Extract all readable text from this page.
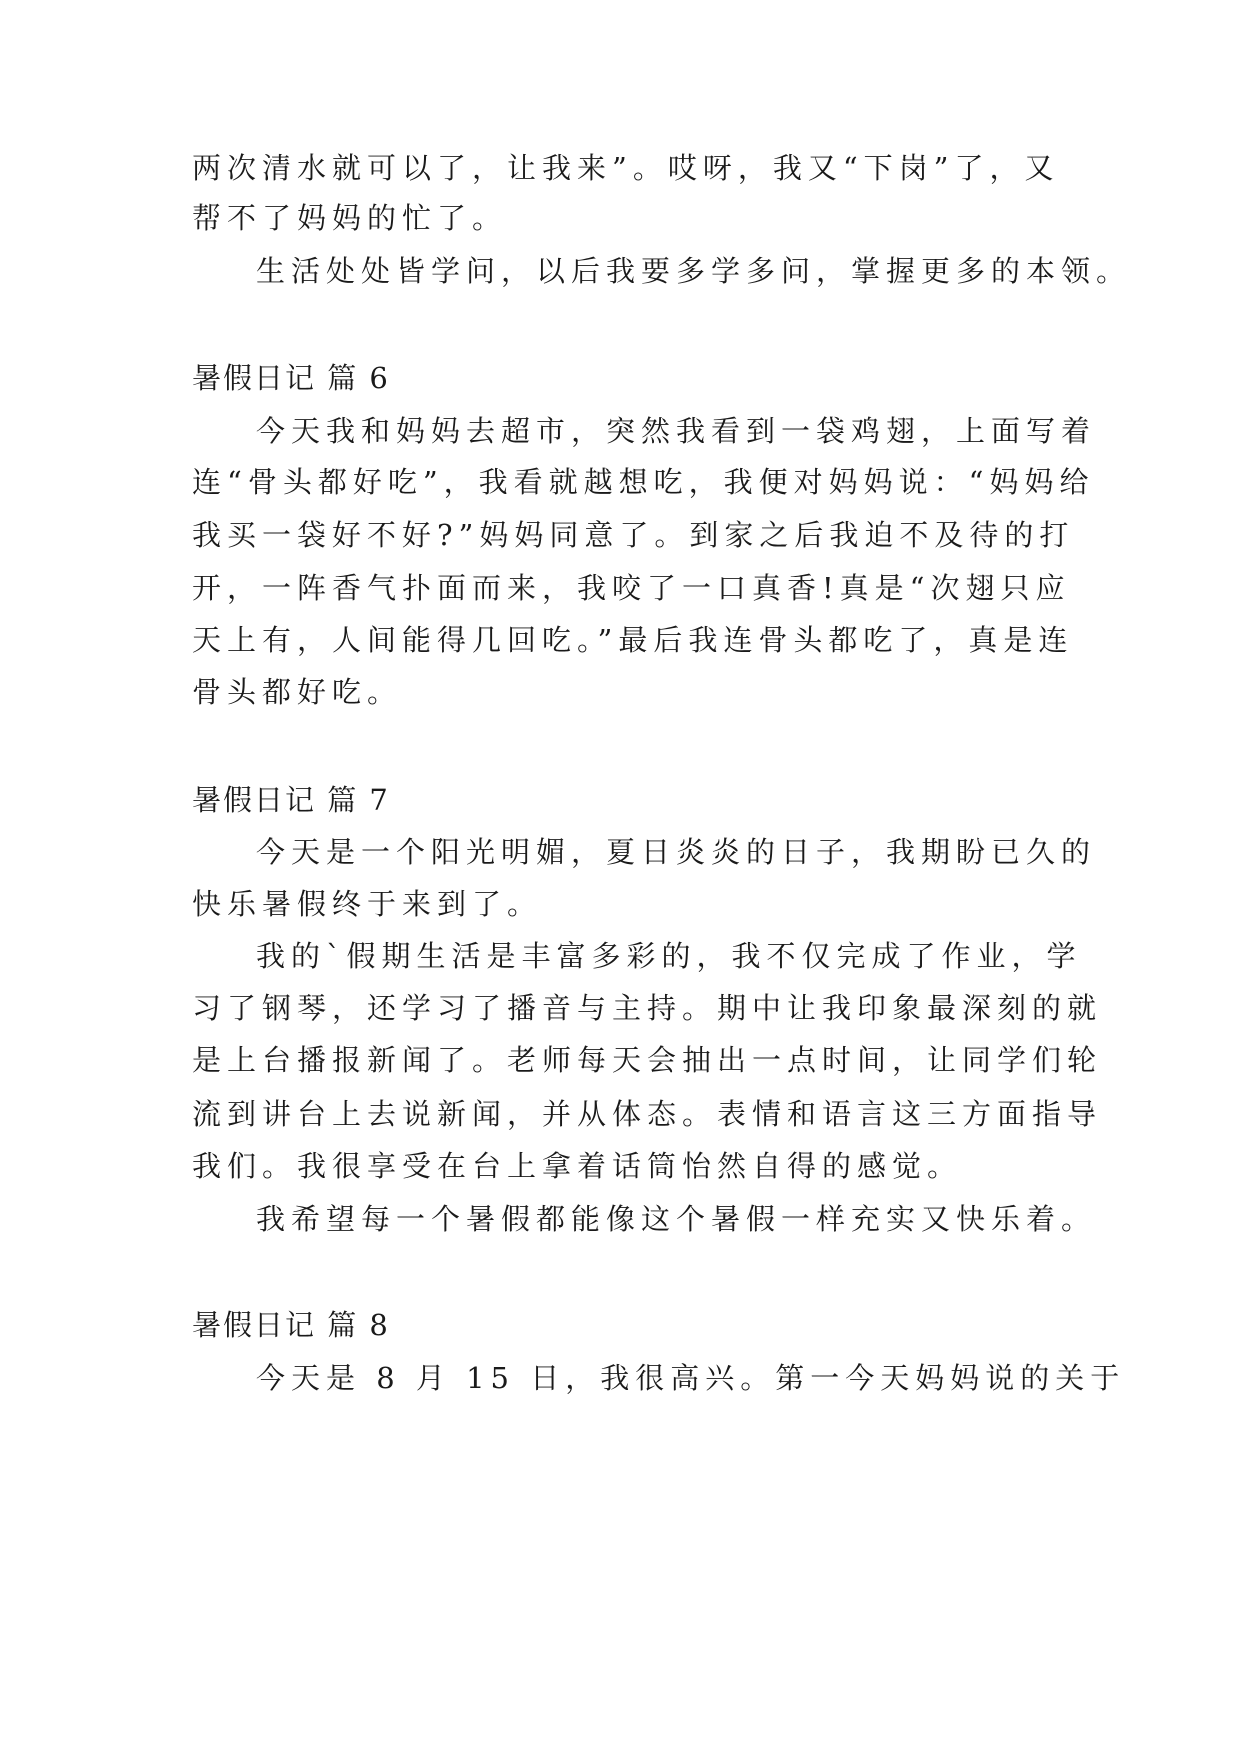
两次清水就可以了，让我来”。哎呀，我又“下岗”了，又
帮不了妈妈的忙了。
生活处处皆学问，以后我要多学多问，掌握更多的本领。
暑假日记 篇 6
今天我和妈妈去超市，突然我看到一袋鸡翅，上面写着
连“骨头都好吃”，我看就越想吃，我便对妈妈说：“妈妈给
我买一袋好不好?”妈妈同意了。到家之后我迫不及待的打
开，一阵香气扑面而来，我咬了一口真香!真是“次翅只应
天上有，人间能得几回吃。”最后我连骨头都吃了，真是连
骨头都好吃。
暑假日记 篇 7
今天是一个阳光明媚，夏日炎炎的日子，我期盼已久的
快乐暑假终于来到了。
我的`假期生活是丰富多彩的，我不仅完成了作业，学
习了钢琴，还学习了播音与主持。期中让我印象最深刻的就
是上台播报新闻了。老师每天会抽出一点时间，让同学们轮
流到讲台上去说新闻，并从体态。表情和语言这三方面指导
我们。我很享受在台上拿着话筒怡然自得的感觉。
我希望每一个暑假都能像这个暑假一样充实又快乐着。
暑假日记 篇 8
今天是 8 月 15 日，我很高兴。第一今天妈妈说的关于
